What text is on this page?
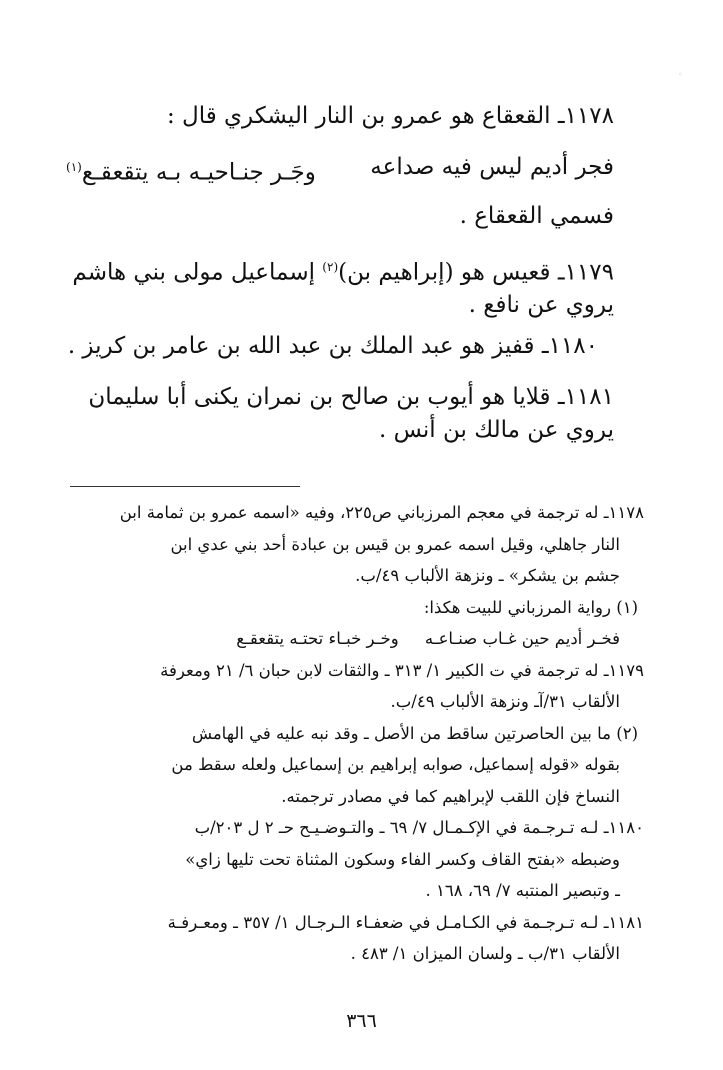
◦

١١٧٨ـ القعقاع هو عمرو بن النار اليشكري قال :

وجَـر جنـاحيـه بـه يتقعقـع$^{(١)}$	فجر أديم ليس فيه صداعه

فسمي القعقاع .

١١٧٩ـ قعيس هو (إبراهيم بن)$^{(٢)}$ إسماعيل مولى بني هاشم
يروي عن نافع .

١١٨٠ـ قفيز هو عبد الملك بن عبد الله بن عامر بن كريز .

١١٨١ـ قلايا هو أيوب بن صالح بن نمران يكنى أبا سليمان
يروي عن مالك بن أنس .

١١٧٨ـ له ترجمة في معجم المرزباني ص٢٢٥، وفيه «اسمه عمرو بن ثمامة ابن

النار جاهلي، وقيل اسمه عمرو بن قيس بن عبادة أحد بني عدي ابن

جشم بن يشكر» ـ ونزهة الألباب ٤٩/ب.

(١) رواية المرزباني للبيت هكذا:

فخـر أديم حين غـاب صنـاعـه     وخـر خبـاء تحتـه يتقعقـع

١١٧٩ـ له ترجمة في ت الكبير ١/ ٣١٣ ـ والثقات لابن حبان ٦/ ٢١ ومعرفة

الألقاب ٣١/آـ ونزهة الألباب ٤٩/ب.

(٢) ما بين الحاصرتين ساقط من الأصل ـ وقد نبه عليه في الهامش

بقوله «قوله إسماعيل، صوابه إبراهيم بن إسماعيل ولعله سقط من

النساخ فإن اللقب لإبراهيم كما في مصادر ترجمته.

١١٨٠ـ لـه تـرجـمة في الإكـمـال ٧/ ٦٩ ـ والتـوضـيـح حـ ٢ ل ٢٠٣/ب

وضبطه «بفتح القاف وكسر الفاء وسكون المثناة تحت تليها زاي»

ـ وتبصير المنتبه ٧/ ٦٩، ١٦٨ .

١١٨١ـ لـه تـرجـمة في الكـامـل في ضعفـاء الـرجـال ١/ ٣٥٧ ـ ومعـرفـة

الألقاب ٣١/ب ـ ولسان الميزان ١/ ٤٨٣ .

٣٦٦
